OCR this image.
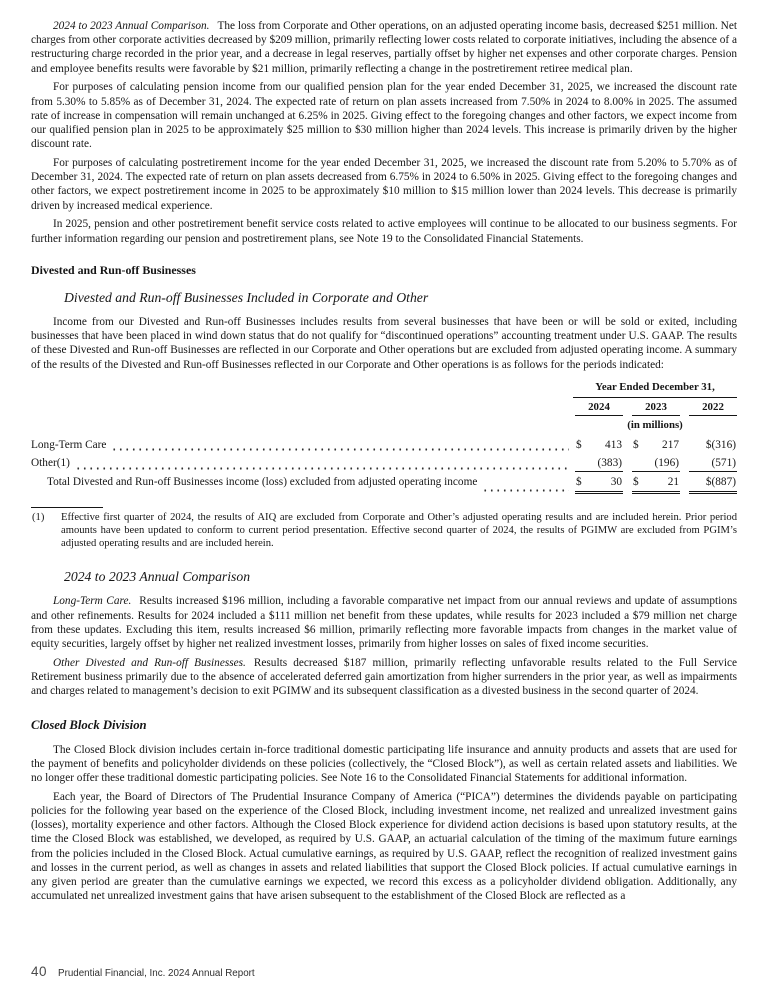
2024 to 2023 Annual Comparison. The loss from Corporate and Other operations, on an adjusted operating income basis, decreased $251 million. Net charges from other corporate activities decreased by $209 million, primarily reflecting lower costs related to corporate initiatives, including the absence of a restructuring charge recorded in the prior year, and a decrease in legal reserves, partially offset by higher net expenses and other corporate charges. Pension and employee benefits results were favorable by $21 million, primarily reflecting a change in the postretirement retiree medical plan.

For purposes of calculating pension income from our qualified pension plan for the year ended December 31, 2025, we increased the discount rate from 5.30% to 5.85% as of December 31, 2024. The expected rate of return on plan assets increased from 7.50% in 2024 to 8.00% in 2025. The assumed rate of increase in compensation will remain unchanged at 6.25% in 2025. Giving effect to the foregoing changes and other factors, we expect income from our qualified pension plan in 2025 to be approximately $25 million to $30 million higher than 2024 levels. This increase is primarily driven by the higher discount rate.

For purposes of calculating postretirement income for the year ended December 31, 2025, we increased the discount rate from 5.20% to 5.70% as of December 31, 2024. The expected rate of return on plan assets decreased from 6.75% in 2024 to 6.50% in 2025. Giving effect to the foregoing changes and other factors, we expect postretirement income in 2025 to be approximately $10 million to $15 million lower than 2024 levels. This decrease is primarily driven by increased medical experience.

In 2025, pension and other postretirement benefit service costs related to active employees will continue to be allocated to our business segments. For further information regarding our pension and postretirement plans, see Note 19 to the Consolidated Financial Statements.

Divested and Run-off Businesses
Divested and Run-off Businesses Included in Corporate and Other

Income from our Divested and Run-off Businesses includes results from several businesses that have been or will be sold or exited, including businesses that have been placed in wind down status that do not qualify for “discontinued operations” accounting treatment under U.S. GAAP. The results of these Divested and Run-off Businesses are reflected in our Corporate and Other operations but are excluded from adjusted operating income. A summary of the results of the Divested and Run-off Businesses reflected in our Corporate and Other operations is as follows for the periods indicated:

Year Ended December 31,
2024	2023	2022
(in millions)
Long-Term Care	$ 413 $ 217 $(316)
Other(1)	(383)	(196)	(571)
Total Divested and Run-off Businesses income (loss) excluded from adjusted operating income	$	30 $	21 $(887)
(1) Effective first quarter of 2024, the results of AIQ are excluded from Corporate and Other’s adjusted operating results and are included herein. Prior period amounts have been updated to conform to current period presentation. Effective second quarter of 2024, the results of PGIMW are excluded from PGIM’s adjusted operating results and are included herein.
2024 to 2023 Annual Comparison

Long-Term Care. Results increased $196 million, including a favorable comparative net impact from our annual reviews and update of assumptions and other refinements. Results for 2024 included a $111 million net benefit from these updates, while results for 2023 included a $79 million net charge from these updates. Excluding this item, results increased $6 million, primarily reflecting more favorable impacts from changes in the market value of equity securities, largely offset by higher net realized investment losses, primarily from higher losses on sales of fixed income securities.

Other Divested and Run-off Businesses. Results decreased $187 million, primarily reflecting unfavorable results related to the Full Service Retirement business primarily due to the absence of accelerated deferred gain amortization from higher surrenders in the prior year, as well as impairments and charges related to management’s decision to exit PGIMW and its subsequent classification as a divested business in the second quarter of 2024.

Closed Block Division

The Closed Block division includes certain in-force traditional domestic participating life insurance and annuity products and assets that are used for the payment of benefits and policyholder dividends on these policies (collectively, the “Closed Block”), as well as certain related assets and liabilities. We no longer offer these traditional domestic participating policies. See Note 16 to the Consolidated Financial Statements for additional information.

Each year, the Board of Directors of The Prudential Insurance Company of America (“PICA”) determines the dividends payable on participating policies for the following year based on the experience of the Closed Block, including investment income, net realized and unrealized investment gains (losses), mortality experience and other factors. Although the Closed Block experience for dividend action decisions is based upon statutory results, at the time the Closed Block was established, we developed, as required by U.S. GAAP, an actuarial calculation of the timing of the maximum future earnings from the policies included in the Closed Block. Actual cumulative earnings, as required by U.S. GAAP, reflect the recognition of realized investment gains and losses in the current period, as well as changes in assets and related liabilities that support the Closed Block policies. If actual cumulative earnings in any given period are greater than the cumulative earnings we expected, we record this excess as a policyholder dividend obligation. Additionally, any accumulated net unrealized investment gains that have arisen subsequent to the establishment of the Closed Block are reflected as a

40 Prudential Financial, Inc. 2024 Annual Report
